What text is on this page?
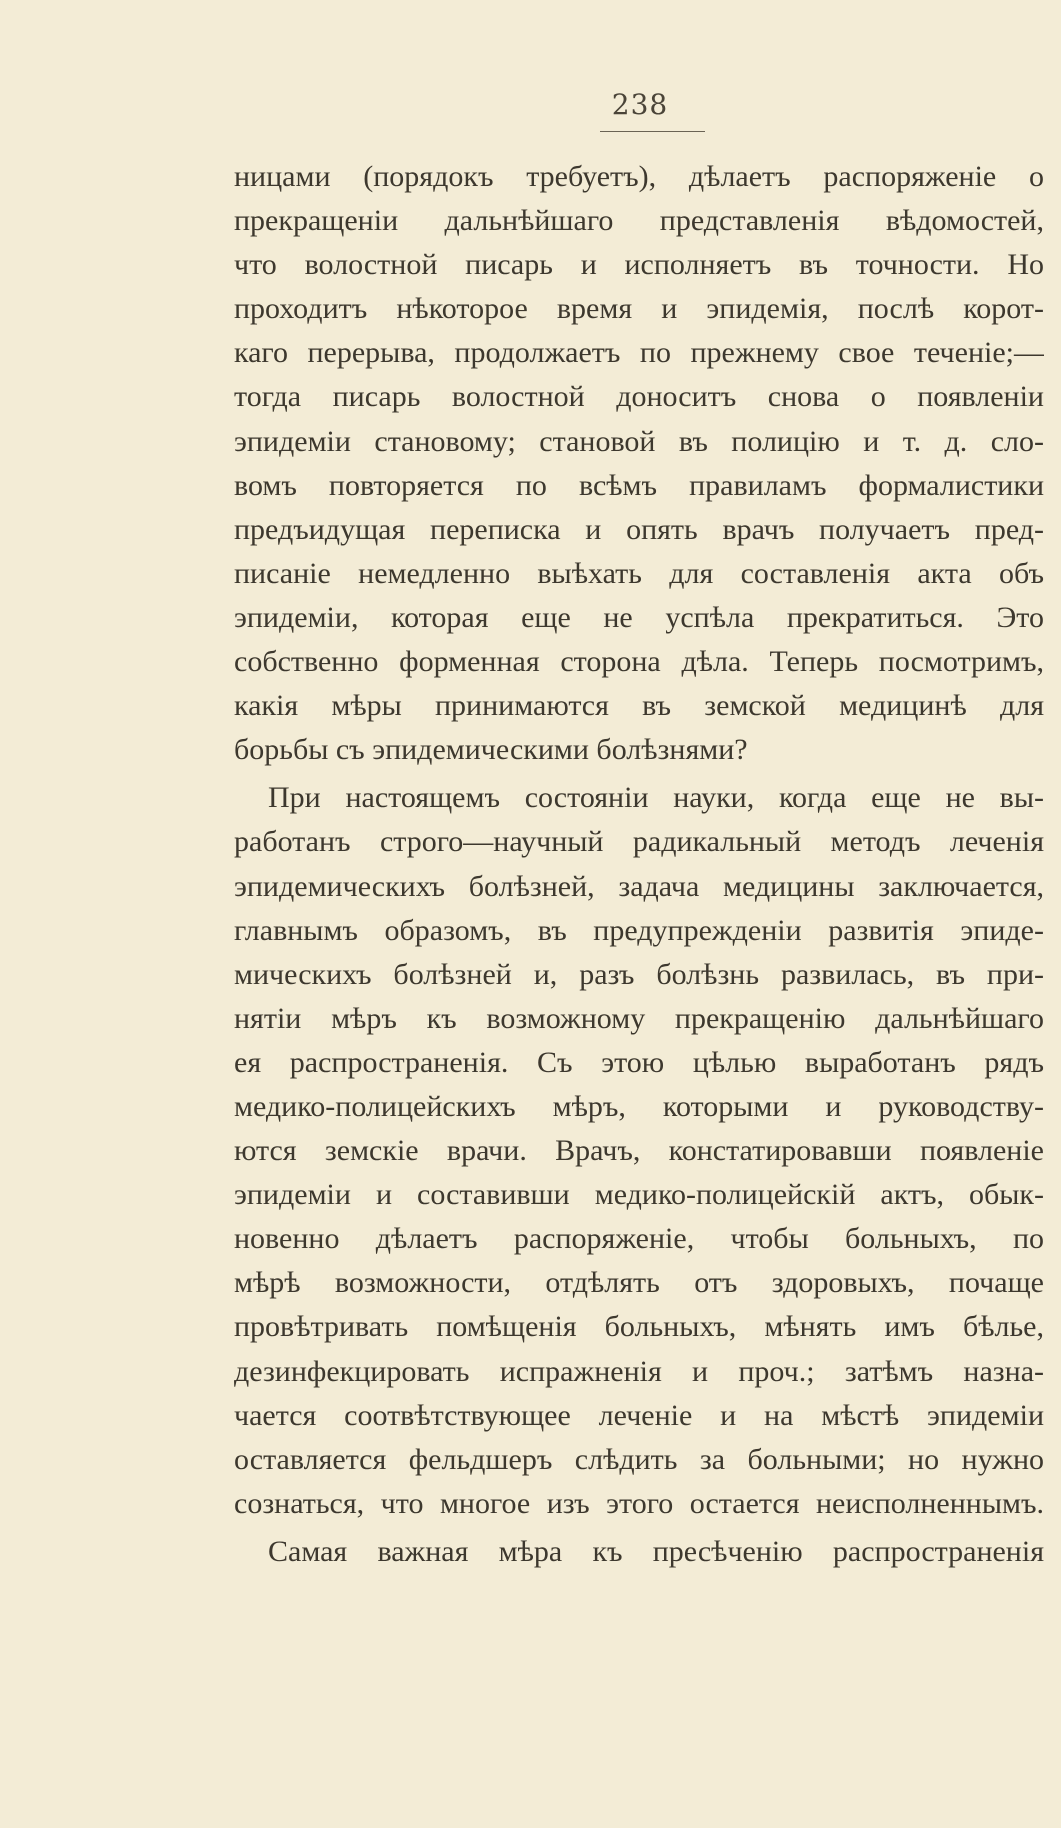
238
ницами (порядокъ требуетъ), дѣлаетъ распоряженіе о
прекращеніи дальнѣйшаго представленія вѣдомостей,
что волостной писарь и исполняетъ въ точности. Но
проходитъ нѣкоторое время и эпидемія, послѣ корот-
каго перерыва, продолжаетъ по прежнему свое теченіе;—
тогда писарь волостной доноситъ снова о появленіи
эпидеміи становому; становой въ полицію и т. д. сло-
вомъ повторяется по всѣмъ правиламъ формалистики
предъидущая переписка и опять врачъ получаетъ пред-
писаніе немедленно выѣхать для составленія акта объ
эпидеміи, которая еще не успѣла прекратиться. Это
собственно форменная сторона дѣла. Теперь посмотримъ,
какія мѣры принимаются въ земской медицинѣ для
борьбы съ эпидемическими болѣзнями?
При настоящемъ состояніи науки, когда еще не вы-
работанъ строго—научный радикальный методъ леченія
эпидемическихъ болѣзней, задача медицины заключается,
главнымъ образомъ, въ предупрежденіи развитія эпиде-
мическихъ болѣзней и, разъ болѣзнь развилась, въ при-
нятіи мѣръ къ возможному прекращенію дальнѣйшаго
ея распространенія. Съ этою цѣлью выработанъ рядъ
медико-полицейскихъ мѣръ, которыми и руководству-
ются земскіе врачи. Врачъ, констатировавши появленіе
эпидеміи и составивши медико-полицейскій актъ, обык-
новенно дѣлаетъ распоряженіе, чтобы больныхъ, по
мѣрѣ возможности, отдѣлять отъ здоровыхъ, почаще
провѣтривать помѣщенія больныхъ, мѣнять имъ бѣлье,
дезинфекцировать испражненія и проч.; затѣмъ назна-
чается соотвѣтствующее леченіе и на мѣстѣ эпидеміи
оставляется фельдшеръ слѣдить за больными; но нужно
сознаться, что многое изъ этого остается неисполненнымъ.
Самая важная мѣра къ пресѣченію распространенія
